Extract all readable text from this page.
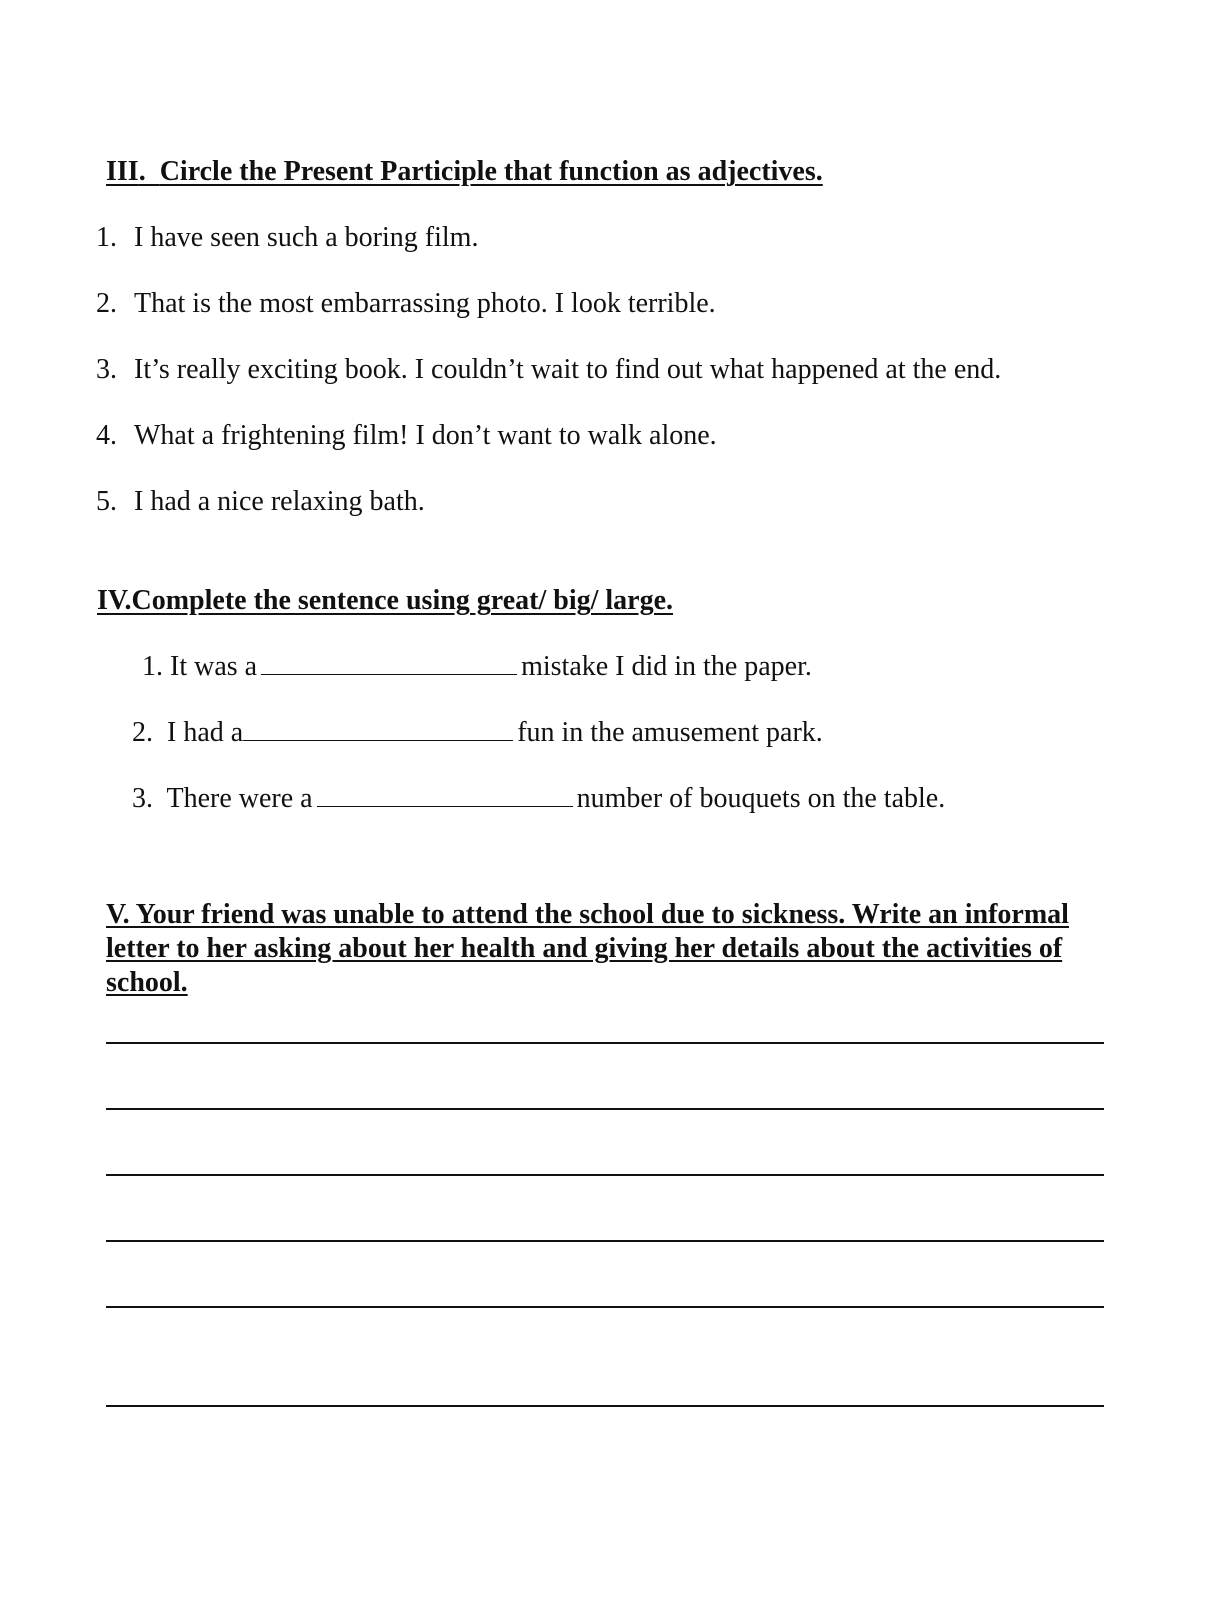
III.  Circle the Present Participle that function as adjectives.
1. I have seen such a boring film.
2. That is the most embarrassing photo. I look terrible.
3. It’s really exciting book. I couldn’t wait to find out what happened at the end.
4. What a frightening film! I don’t want to walk alone.
5. I had a nice relaxing bath.
IV.Complete the sentence using great/ big/ large.
1. It was a	mistake I did in the paper.
2. I had a	fun in the amusement park.
3. There were a	number of bouquets on the table.
V. Your friend was unable to attend the school due to sickness. Write an informal letter to her asking about her health and giving her details about the activities of school.
